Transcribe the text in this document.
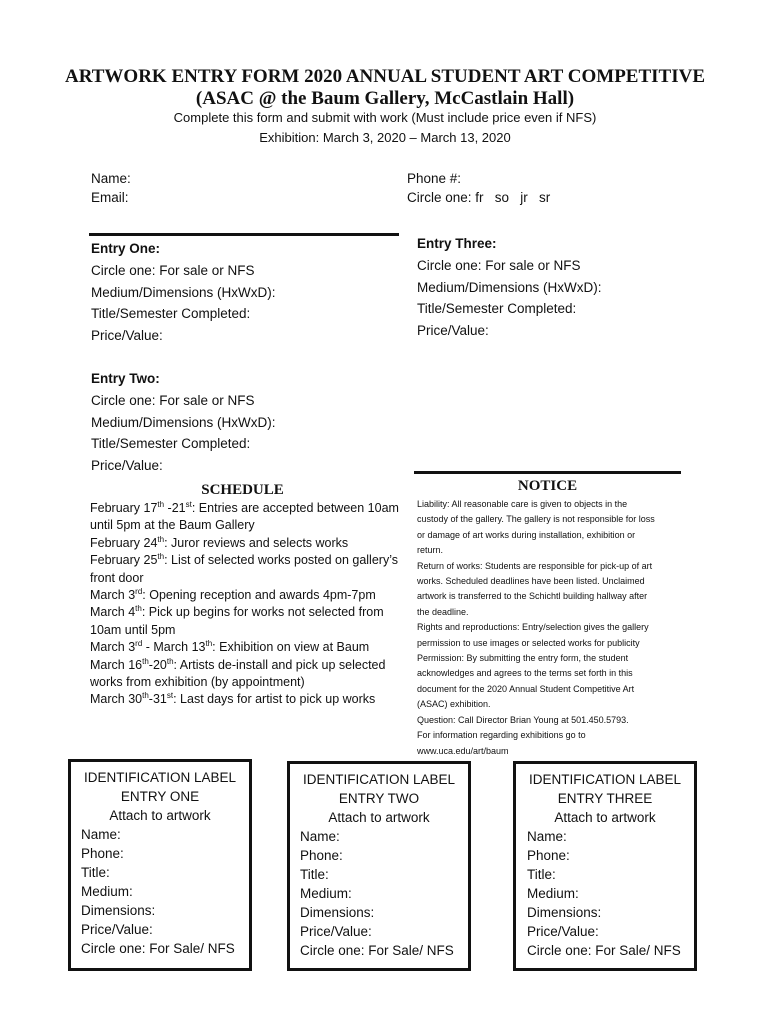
ARTWORK ENTRY FORM 2020 ANNUAL STUDENT ART COMPETITIVE
(ASAC @ the Baum Gallery, McCastlain Hall)
Complete this form and submit with work (Must include price even if NFS)
Exhibition: March 3, 2020 – March 13, 2020
Name:
Email:
Phone #:
Circle one: fr   so   jr   sr
Entry One:
Circle one: For sale or NFS
Medium/Dimensions (HxWxD):
Title/Semester Completed:
Price/Value:
Entry Two:
Circle one: For sale or NFS
Medium/Dimensions (HxWxD):
Title/Semester Completed:
Price/Value:
Entry Three:
Circle one: For sale or NFS
Medium/Dimensions (HxWxD):
Title/Semester Completed:
Price/Value:
SCHEDULE
February 17th -21st: Entries are accepted between 10am until 5pm at the Baum Gallery
February 24th: Juror reviews and selects works
February 25th: List of selected works posted on gallery’s front door
March 3rd: Opening reception and awards 4pm-7pm
March 4th: Pick up begins for works not selected from 10am until 5pm
March 3rd - March 13th: Exhibition on view at Baum
March 16th-20th: Artists de-install and pick up selected works from exhibition (by appointment)
March 30th-31st: Last days for artist to pick up works
NOTICE
Liability: All reasonable care is given to objects in the
custody of the gallery. The gallery is not responsible for loss
or damage of art works during installation, exhibition or
return.
Return of works: Students are responsible for pick-up of art
works. Scheduled deadlines have been listed. Unclaimed
artwork is transferred to the Schichtl building hallway after
the deadline.
Rights and reproductions: Entry/selection gives the gallery
permission to use images or selected works for publicity
Permission: By submitting the entry form, the student
acknowledges and agrees to the terms set forth in this
document for the 2020 Annual Student Competitive Art
(ASAC) exhibition.
Question: Call Director Brian Young at 501.450.5793.
For information regarding exhibitions go to
www.uca.edu/art/baum
IDENTIFICATION LABEL
ENTRY ONE
Attach to artwork
Name:
Phone:
Title:
Medium:
Dimensions:
Price/Value:
Circle one: For Sale/ NFS
IDENTIFICATION LABEL
ENTRY TWO
Attach to artwork
Name:
Phone:
Title:
Medium:
Dimensions:
Price/Value:
Circle one: For Sale/ NFS
IDENTIFICATION LABEL
ENTRY THREE
Attach to artwork
Name:
Phone:
Title:
Medium:
Dimensions:
Price/Value:
Circle one: For Sale/ NFS
